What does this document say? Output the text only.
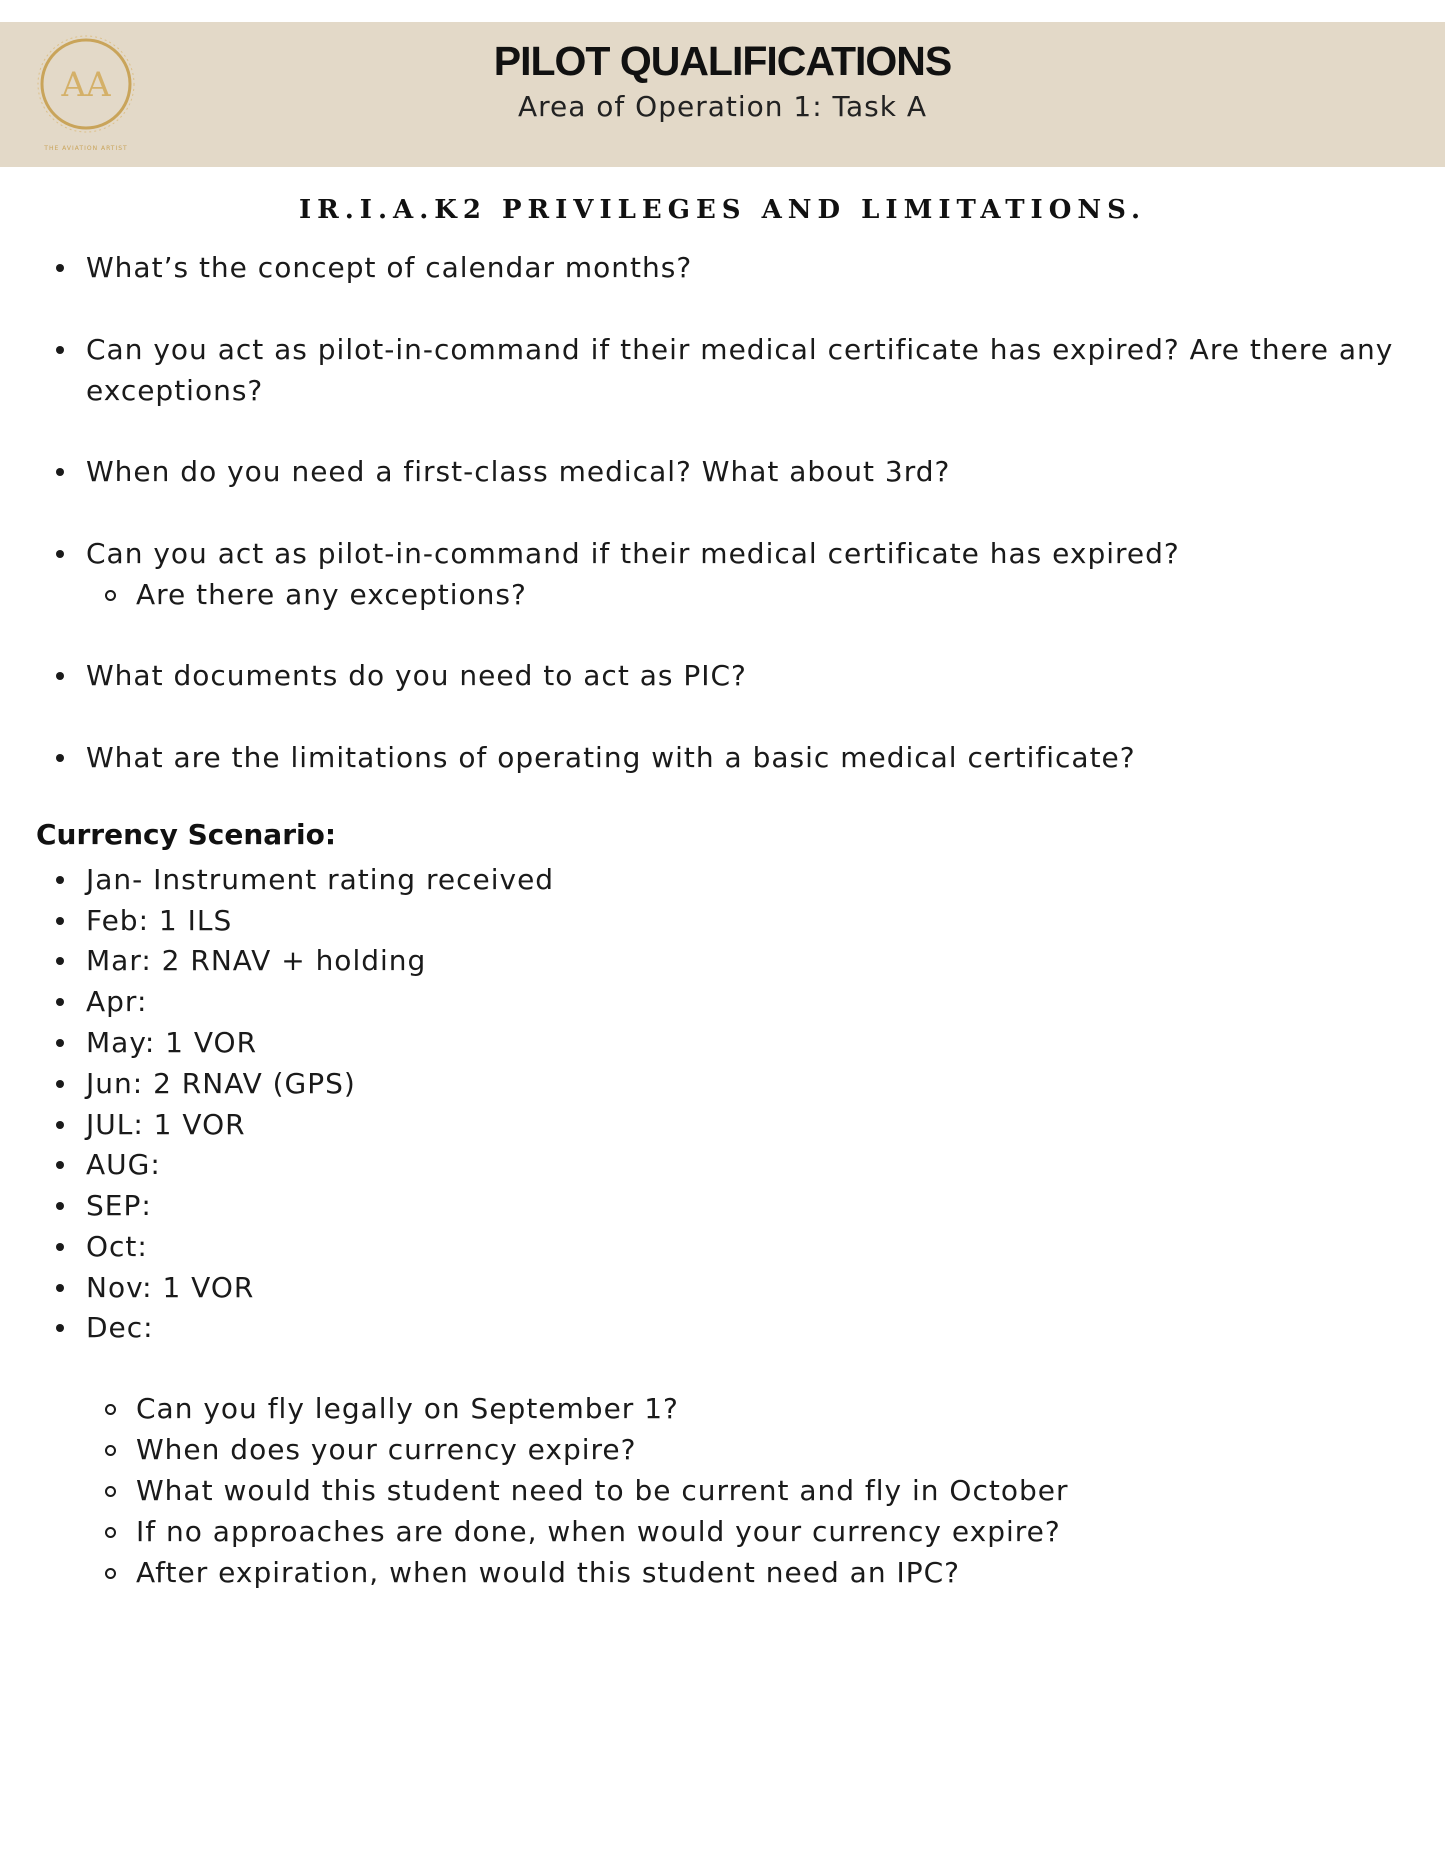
AA
THE AVIATION ARTIST
PILOT QUALIFICATIONS
Area of Operation 1: Task A
IR.I.A.K2 PRIVILEGES AND LIMITATIONS.
What’s the concept of calendar months?
Can you act as pilot-in-command if their medical certificate has expired? Are there any exceptions?
When do you need a first-class medical? What about 3rd?
Can you act as pilot-in-command if their medical certificate has expired?
Are there any exceptions?
What documents do you need to act as PIC?
What are the limitations of operating with a basic medical certificate?
Currency Scenario:
Jan- Instrument rating received
Feb: 1 ILS
Mar: 2 RNAV + holding
Apr:
May: 1 VOR
Jun: 2 RNAV (GPS)
JUL: 1 VOR
AUG:
SEP:
Oct:
Nov: 1 VOR
Dec:
Can you fly legally on September 1?
When does your currency expire?
What would this student need to be current and fly in October
If no approaches are done, when would your currency expire?
After expiration, when would this student need an IPC?
